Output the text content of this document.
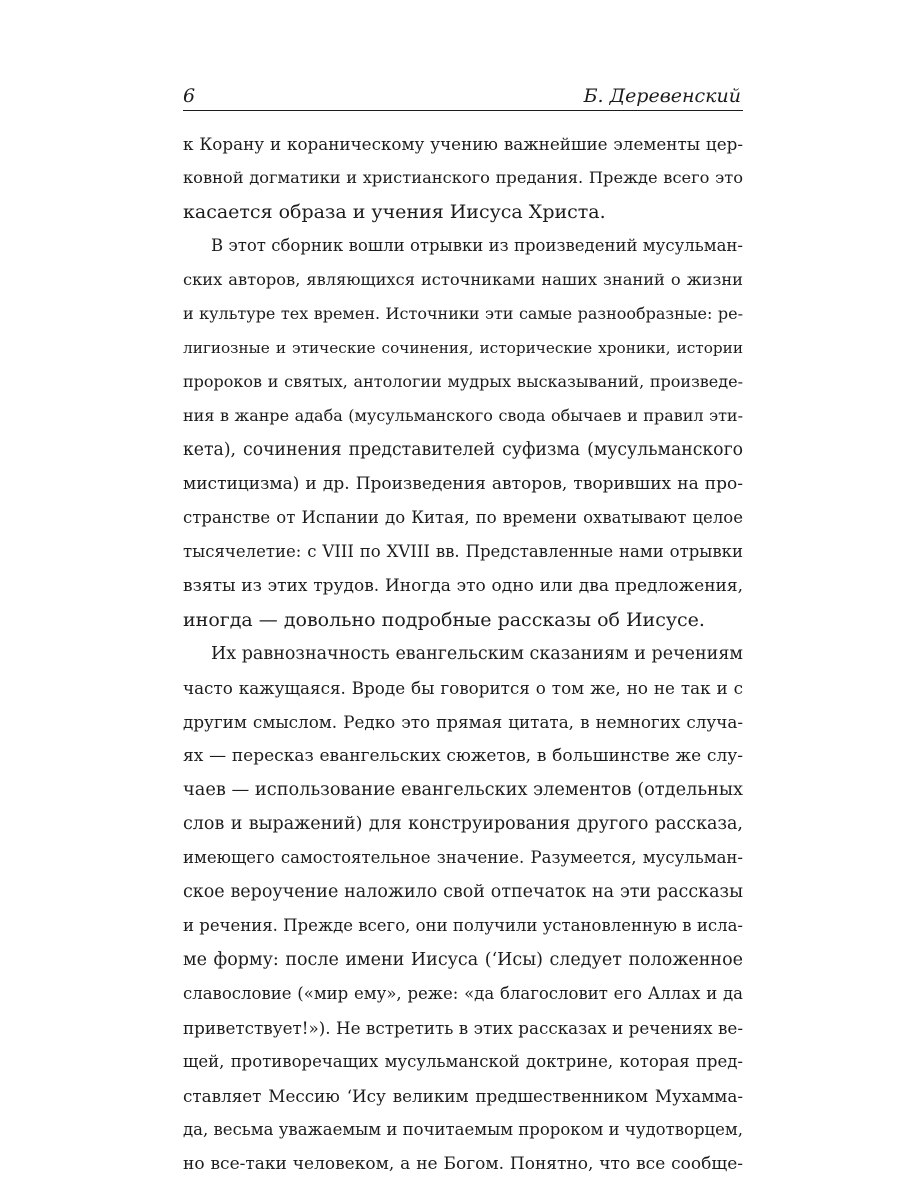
6	Б. Деревенский
к Корану и кораническому учению важнейшие элементы цер-
ковной догматики и христианского предания. Прежде всего это
касается образа и учения Иисуса Христа.
В этот сборник вошли отрывки из произведений мусульман-
ских авторов, являющихся источниками наших знаний о жизни
и культуре тех времен. Источники эти самые разнообразные: ре-
лигиозные и этические сочинения, исторические хроники, истории
пророков и святых, антологии мудрых высказываний, произведе-
ния в жанре адаба (мусульманского свода обычаев и правил эти-
кета), сочинения представителей суфизма (мусульманского
мистицизма) и др. Произведения авторов, творивших на про-
странстве от Испании до Китая, по времени охватывают целое
тысячелетие: с VIII по XVIII вв. Представленные нами отрывки
взяты из этих трудов. Иногда это одно или два предложения,
иногда — довольно подробные рассказы об Иисусе.
Их равнозначность евангельским сказаниям и речениям
часто кажущаяся. Вроде бы говорится о том же, но не так и с
другим смыслом. Редко это прямая цитата, в немногих случа-
ях — пересказ евангельских сюжетов, в большинстве же слу-
чаев — использование евангельских элементов (отдельных
слов и выражений) для конструирования другого рассказа,
имеющего самостоятельное значение. Разумеется, мусульман-
ское вероучение наложило свой отпечаток на эти рассказы
и речения. Прежде всего, они получили установленную в исла-
ме форму: после имени Иисуса (‘Исы) следует положенное
славословие («мир ему», реже: «да благословит его Аллах и да
приветствует!»). Не встретить в этих рассказах и речениях ве-
щей, противоречащих мусульманской доктрине, которая пред-
ставляет Мессию ‘Ису великим предшественником Мухамма-
да, весьма уважаемым и почитаемым пророком и чудотворцем,
но все-таки человеком, а не Богом. Понятно, что все сообще-
